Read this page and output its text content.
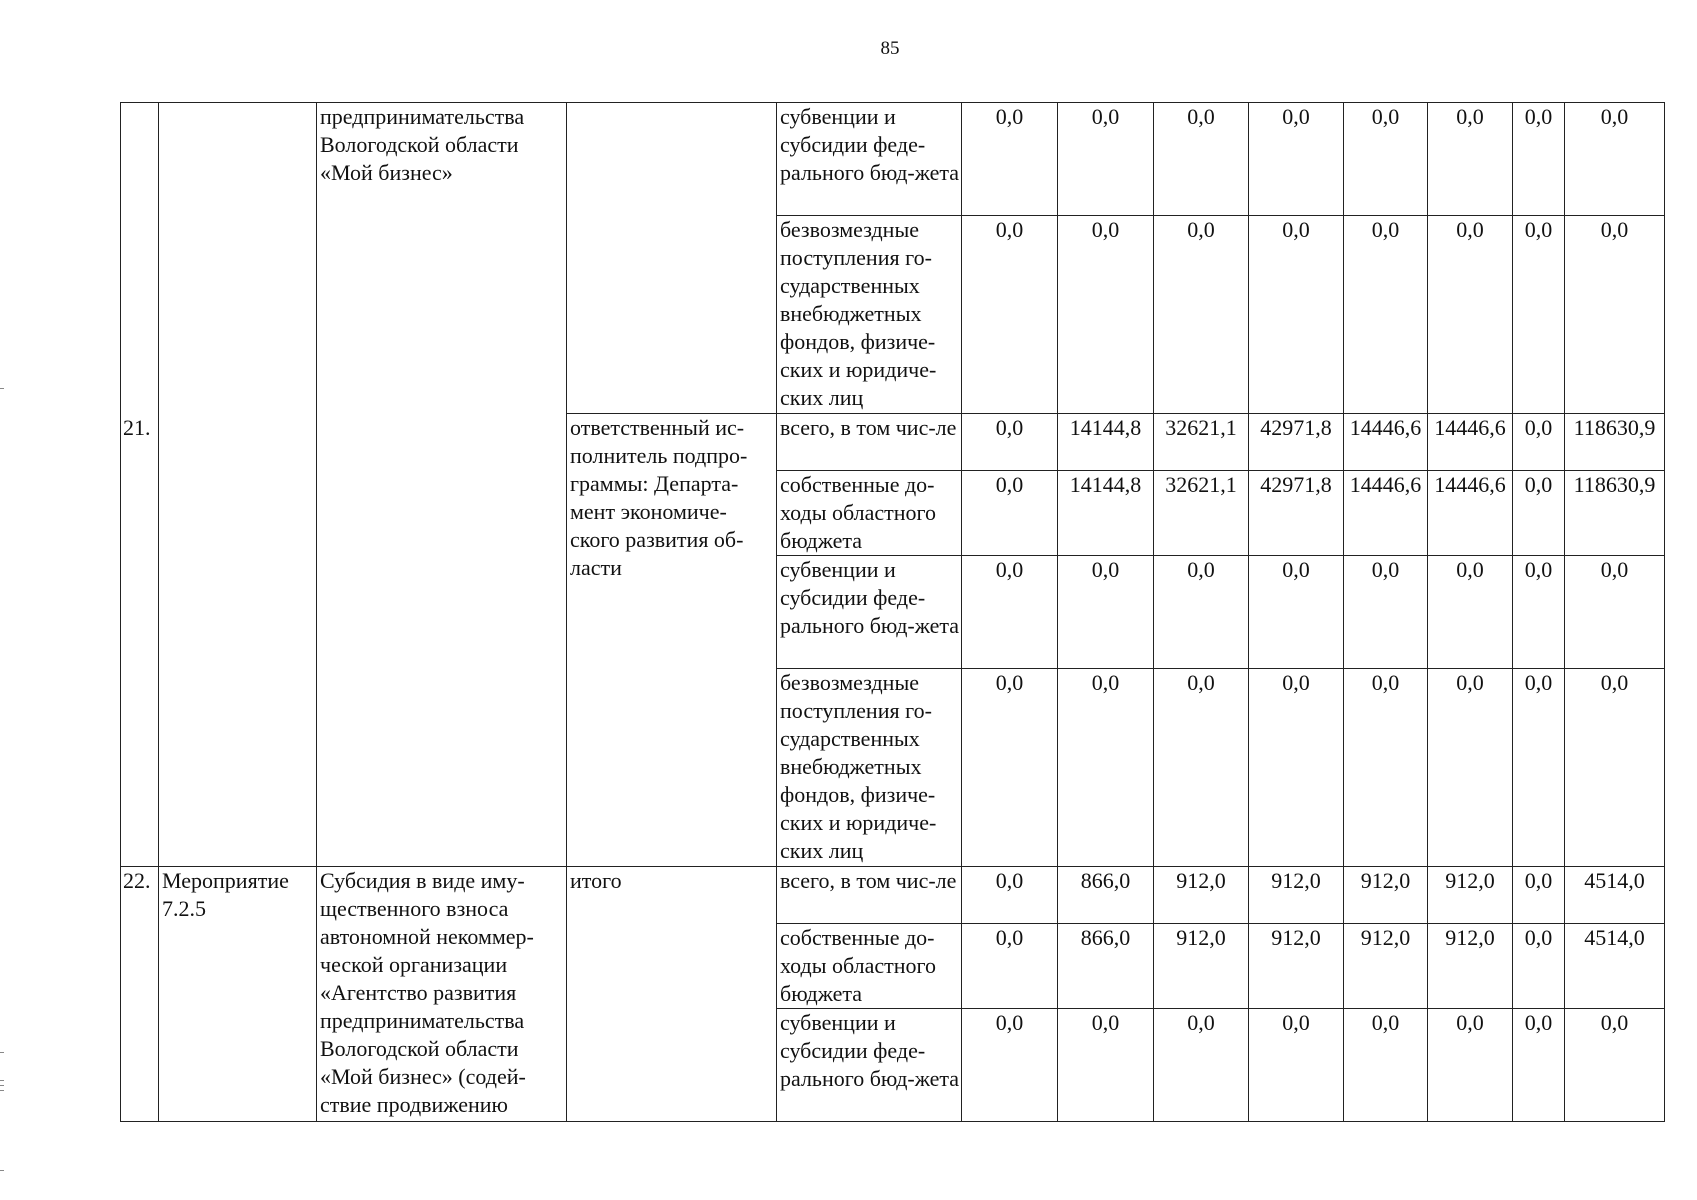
85
		предпринимательства Вологодской области «Мой бизнес»		субвенции и субсидии феде-рального бюд-жета	0,0	0,0	0,0	0,0	0,0	0,0	0,0	0,0
				безвозмездные поступления го-сударственных внебюджетных фондов, физиче-ских и юридиче-ских лиц	0,0	0,0	0,0	0,0	0,0	0,0	0,0	0,0
21.			ответственный ис-полнитель подпро-граммы: Департа-мент экономиче-ского развития об-ласти	всего, в том чис-ле	0,0	14144,8	32621,1	42971,8	14446,6	14446,6	0,0	118630,9
				собственные до-ходы областного бюджета	0,0	14144,8	32621,1	42971,8	14446,6	14446,6	0,0	118630,9
				субвенции и субсидии феде-рального бюд-жета	0,0	0,0	0,0	0,0	0,0	0,0	0,0	0,0
				безвозмездные поступления го-сударственных внебюджетных фондов, физиче-ских и юридиче-ских лиц	0,0	0,0	0,0	0,0	0,0	0,0	0,0	0,0
22.	Мероприятие 7.2.5	Субсидия в виде иму-щественного взноса автономной некоммер-ческой организации «Агентство развития предпринимательства Вологодской области «Мой бизнес» (содей-ствие продвижению	итого	всего, в том чис-ле	0,0	866,0	912,0	912,0	912,0	912,0	0,0	4514,0
				собственные до-ходы областного бюджета	0,0	866,0	912,0	912,0	912,0	912,0	0,0	4514,0
				субвенции и субсидии феде-рального бюд-жета	0,0	0,0	0,0	0,0	0,0	0,0	0,0	0,0
